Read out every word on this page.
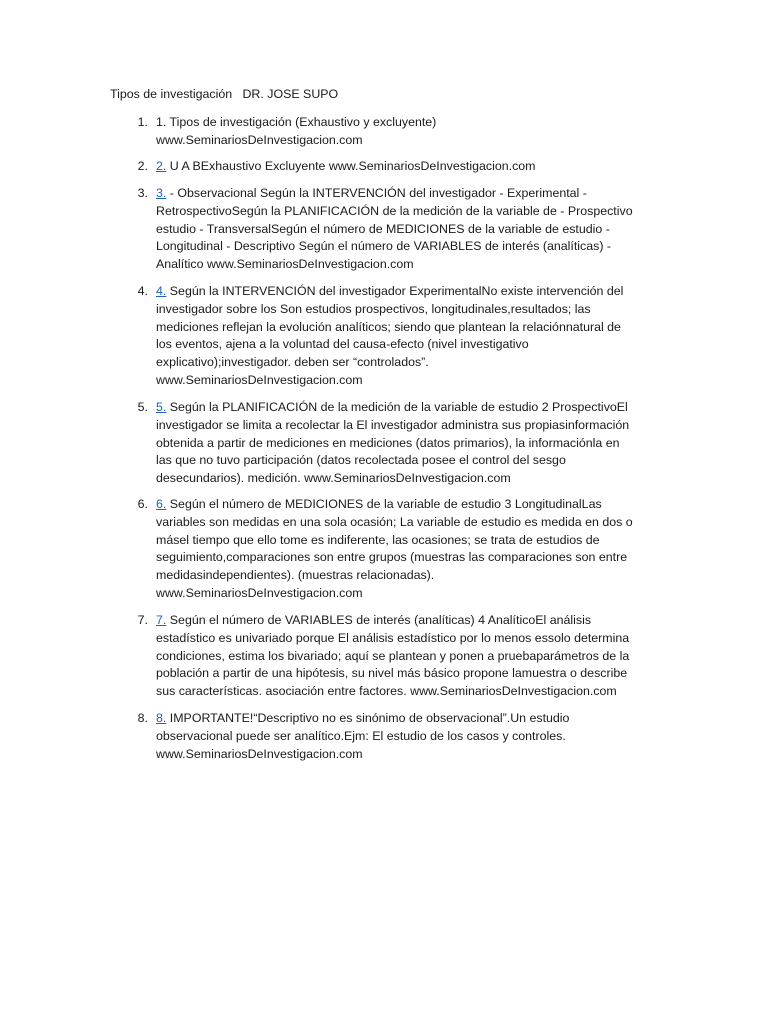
Tipos de investigación   DR. JOSE SUPO
1. 1. Tipos de investigación (Exhaustivo y excluyente)
www.SeminariosDeInvestigacion.com
2. 2. U A BExhaustivo Excluyente www.SeminariosDeInvestigacion.com
3. 3. - Observacional Según la INTERVENCIÓN del investigador - Experimental -
RetrospectivoSegún la PLANIFICACIÓN de la medición de la variable de - Prospectivo
estudio - TransversalSegún el número de MEDICIONES de la variable de estudio -
Longitudinal - Descriptivo Según el número de VARIABLES de interés (analíticas) -
Analítico www.SeminariosDeInvestigacion.com
4. 4. Según la INTERVENCIÓN del investigador ExperimentalNo existe intervención del
investigador sobre los Son estudios prospectivos, longitudinales,resultados; las
mediciones reflejan la evolución analíticos; siendo que plantean la relaciónnatural de
los eventos, ajena a la voluntad del causa-efecto (nivel investigativo
explicativo);investigador. deben ser “controlados”.
www.SeminariosDeInvestigacion.com
5. 5. Según la PLANIFICACIÓN de la medición de la variable de estudio 2 ProspectivoEl
investigador se limita a recolectar la El investigador administra sus propiasinformación
obtenida a partir de mediciones en mediciones (datos primarios), la informaciónla en
las que no tuvo participación (datos recolectada posee el control del sesgo
desecundarios). medición. www.SeminariosDeInvestigacion.com
6. 6. Según el número de MEDICIONES de la variable de estudio 3 LongitudinalLas
variables son medidas en una sola ocasión; La variable de estudio es medida en dos o
másel tiempo que ello tome es indiferente, las ocasiones; se trata de estudios de
seguimiento,comparaciones son entre grupos (muestras las comparaciones son entre
medidasindependientes). (muestras relacionadas).
www.SeminariosDeInvestigacion.com
7. 7. Según el número de VARIABLES de interés (analíticas) 4 AnalíticoEl análisis
estadístico es univariado porque El análisis estadístico por lo menos essolo determina
condiciones, estima los bivariado; aquí se plantean y ponen a pruebaparámetros de la
población a partir de una hipótesis, su nivel más básico propone lamuestra o describe
sus características. asociación entre factores. www.SeminariosDeInvestigacion.com
8. 8. IMPORTANTE!“Descriptivo no es sinónimo de observacional”.Un estudio
observacional puede ser analítico.Ejm: El estudio de los casos y controles.
www.SeminariosDeInvestigacion.com
